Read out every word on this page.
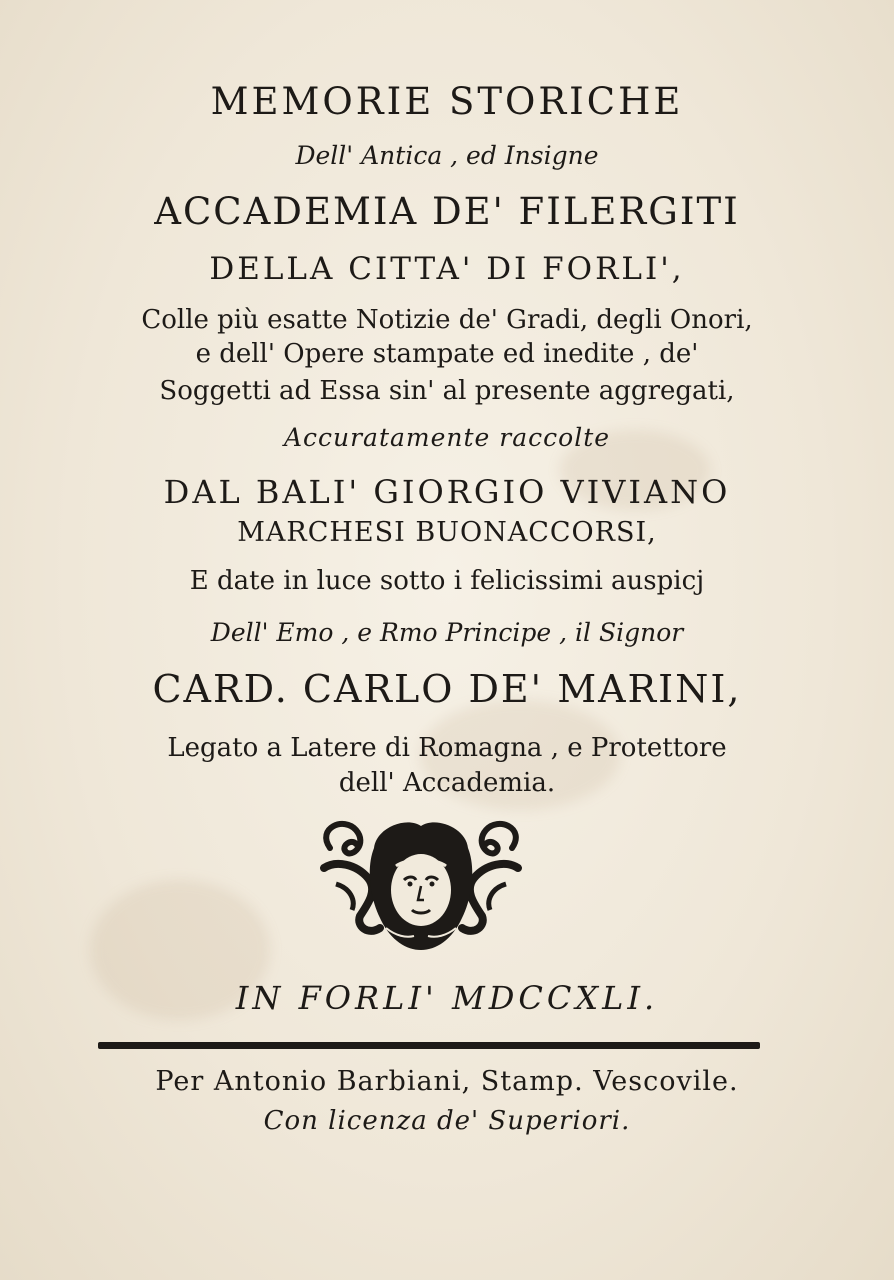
MEMORIE STORICHE
Dell' Antica , ed Insigne
ACCADEMIA DE' FILERGITI
DELLA CITTA' DI FORLI',
Colle più esatte Notizie de' Gradi, degli Onori,
e dell' Opere stampate ed inedite , de'
Soggetti ad Essa sin' al presente aggregati,
Accuratamente raccolte
DAL BALI' GIORGIO VIVIANO
MARCHESI BUONACCORSI,
E date in luce sotto i felicissimi auspicj
Dell' Emo , e Rmo Principe , il Signor
CARD. CARLO DE' MARINI,
Legato a Latere di Romagna , e Protettore
dell' Accademia.
IN FORLI' MDCCXLI.
Per Antonio Barbiani, Stamp. Vescovile.
Con licenza de' Superiori.
